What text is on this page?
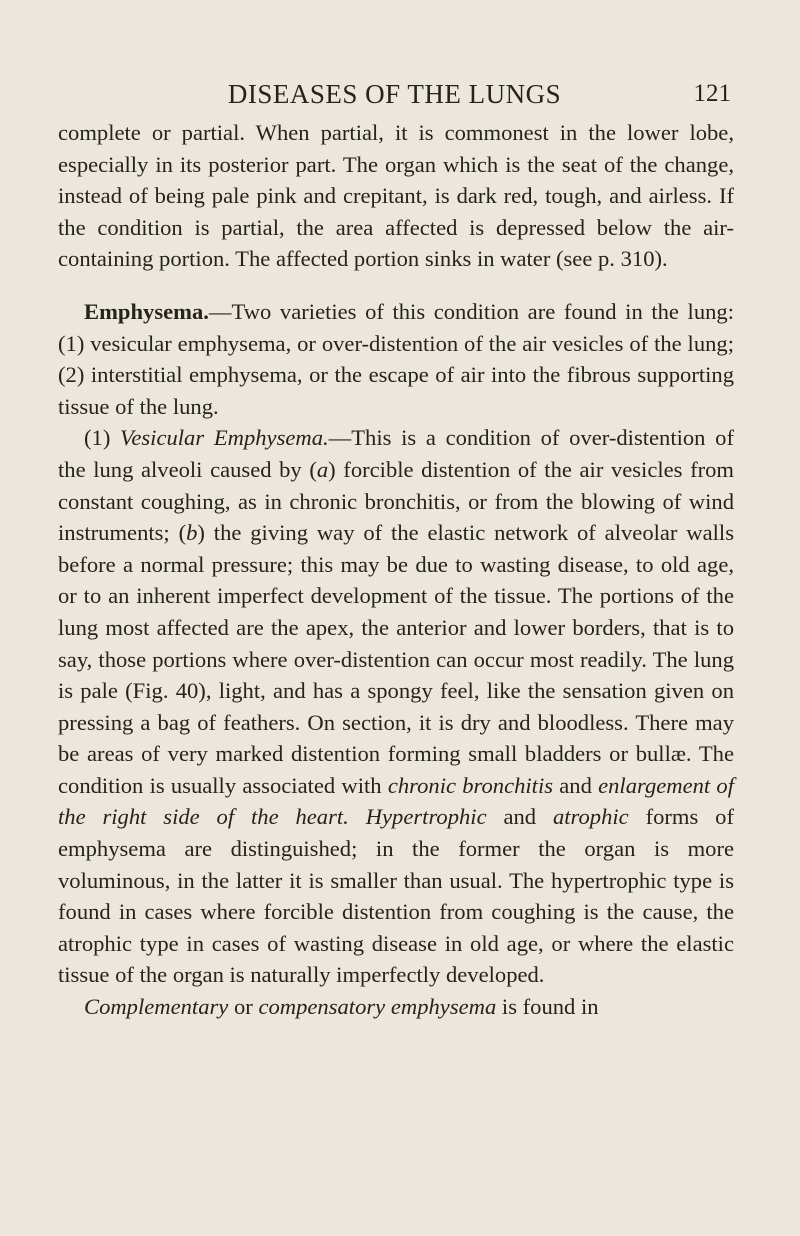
DISEASES OF THE LUNGS	121

complete or partial. When partial, it is commonest in the lower lobe, especially in its posterior part. The organ which is the seat of the change, instead of being pale pink and crepitant, is dark red, tough, and airless. If the condition is partial, the area affected is depressed below the air-containing portion. The affected portion sinks in water (see p. 310).

Emphysema.—Two varieties of this condition are found in the lung: (1) vesicular emphysema, or over-distention of the air vesicles of the lung; (2) interstitial emphysema, or the escape of air into the fibrous supporting tissue of the lung.

(1) Vesicular Emphysema.—This is a condition of over-distention of the lung alveoli caused by (a) forcible distention of the air vesicles from constant coughing, as in chronic bronchitis, or from the blowing of wind instruments; (b) the giving way of the elastic network of alveolar walls before a normal pressure; this may be due to wasting disease, to old age, or to an inherent imperfect development of the tissue. The portions of the lung most affected are the apex, the anterior and lower borders, that is to say, those portions where over-distention can occur most readily. The lung is pale (Fig. 40), light, and has a spongy feel, like the sensation given on pressing a bag of feathers. On section, it is dry and bloodless. There may be areas of very marked distention forming small bladders or bullæ. The condition is usually associated with chronic bronchitis and enlargement of the right side of the heart. Hypertrophic and atrophic forms of emphysema are distinguished; in the former the organ is more voluminous, in the latter it is smaller than usual. The hypertrophic type is found in cases where forcible distention from coughing is the cause, the atrophic type in cases of wasting disease in old age, or where the elastic tissue of the organ is naturally imperfectly developed.

Complementary or compensatory emphysema is found in
